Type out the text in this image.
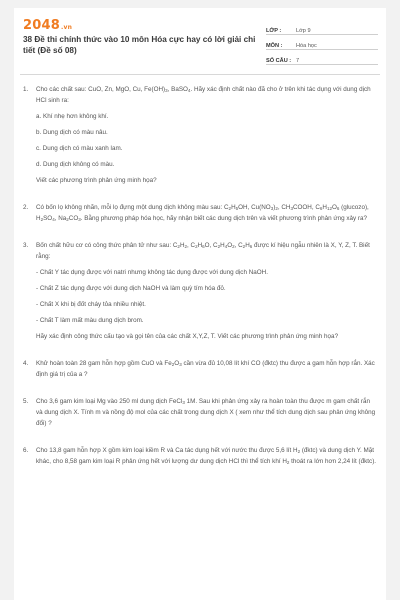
2048.vn
38 Đề thi chính thức vào 10 môn Hóa cực hay có lời giải chi tiết (Đề số 08)
LỚP :	Lớp 9
MÔN :	Hóa học
SỐ CÂU : 7
1. Cho các chất sau: CuO, Zn, MgO, Cu, $Fe(OH)_3$, BaSO$_4$. Hãy xác định chất nào đã cho ở trên khi tác dụng với dung dịch HCl sinh ra:

a. Khí nhẹ hơn không khí.

b. Dung dịch có màu nâu.

c. Dung dịch có màu xanh lam.

d. Dung dịch không có màu.

Viết các phương trình phản ứng minh họa?

2. Có bốn lọ không nhãn, mỗi lọ đựng một dung dịch không màu sau: $C_2H_5OH$, $Cu(NO_3)_2$, $CH_3COOH$, $C_6H_{12}O_6$ (glucozo), $H_2SO_4$, $Na_2CO_3$. Bằng phương pháp hóa học, hãy nhận biết các dung dịch trên và viết phương trình phản ứng xảy ra?

3. Bốn chất hữu cơ có công thức phân tử như sau: $C_2H_2$, $C_2H_6O$, $C_2H_4O_2$, $C_2H_6$ được kí hiệu ngẫu nhiên là X, Y, Z, T. Biết rằng:

- Chất Y tác dụng được với natri nhưng không tác dụng được với dung dịch NaOH.

- Chất Z tác dụng được với dung dịch NaOH và làm quỳ tím hóa đỏ.

- Chất X khi bị đốt cháy tỏa nhiều nhiệt.

- Chất T làm mất màu dung dịch brom.

Hãy xác định công thức cấu tạo và gọi tên của các chất X,Y,Z, T. Viết các phương trình phản ứng minh họa?

4. Khử hoàn toàn 28 gam hỗn hợp gồm CuO và $Fe_2O_3$ cần vừa đủ 10,08 lít khí CO (đktc) thu được a gam hỗn hợp rắn. Xác định giá trị của a ?

5. Cho 3,6 gam kim loại Mg vào 250 ml dung dịch FeCl$_3$ 1M. Sau khi phản ứng xảy ra hoàn toàn thu được m gam chất rắn và dung dịch X. Tính m và nồng độ mol của các chất trong dung dịch X ( xem như thể tích dung dịch sau phản ứng không đổi) ?

6. Cho 13,8 gam hỗn hợp X gồm kim loại kiềm R và Ca tác dụng hết với nước thu được 5,6 lít $H_2$ (đktc) và dung dịch Y. Mặt khác, cho 8,58 gam kim loại R phản ứng hết với lượng dư dung dịch HCl thì thể tích khí $H_2$ thoát ra lớn hơn 2,24 lít (đktc).
